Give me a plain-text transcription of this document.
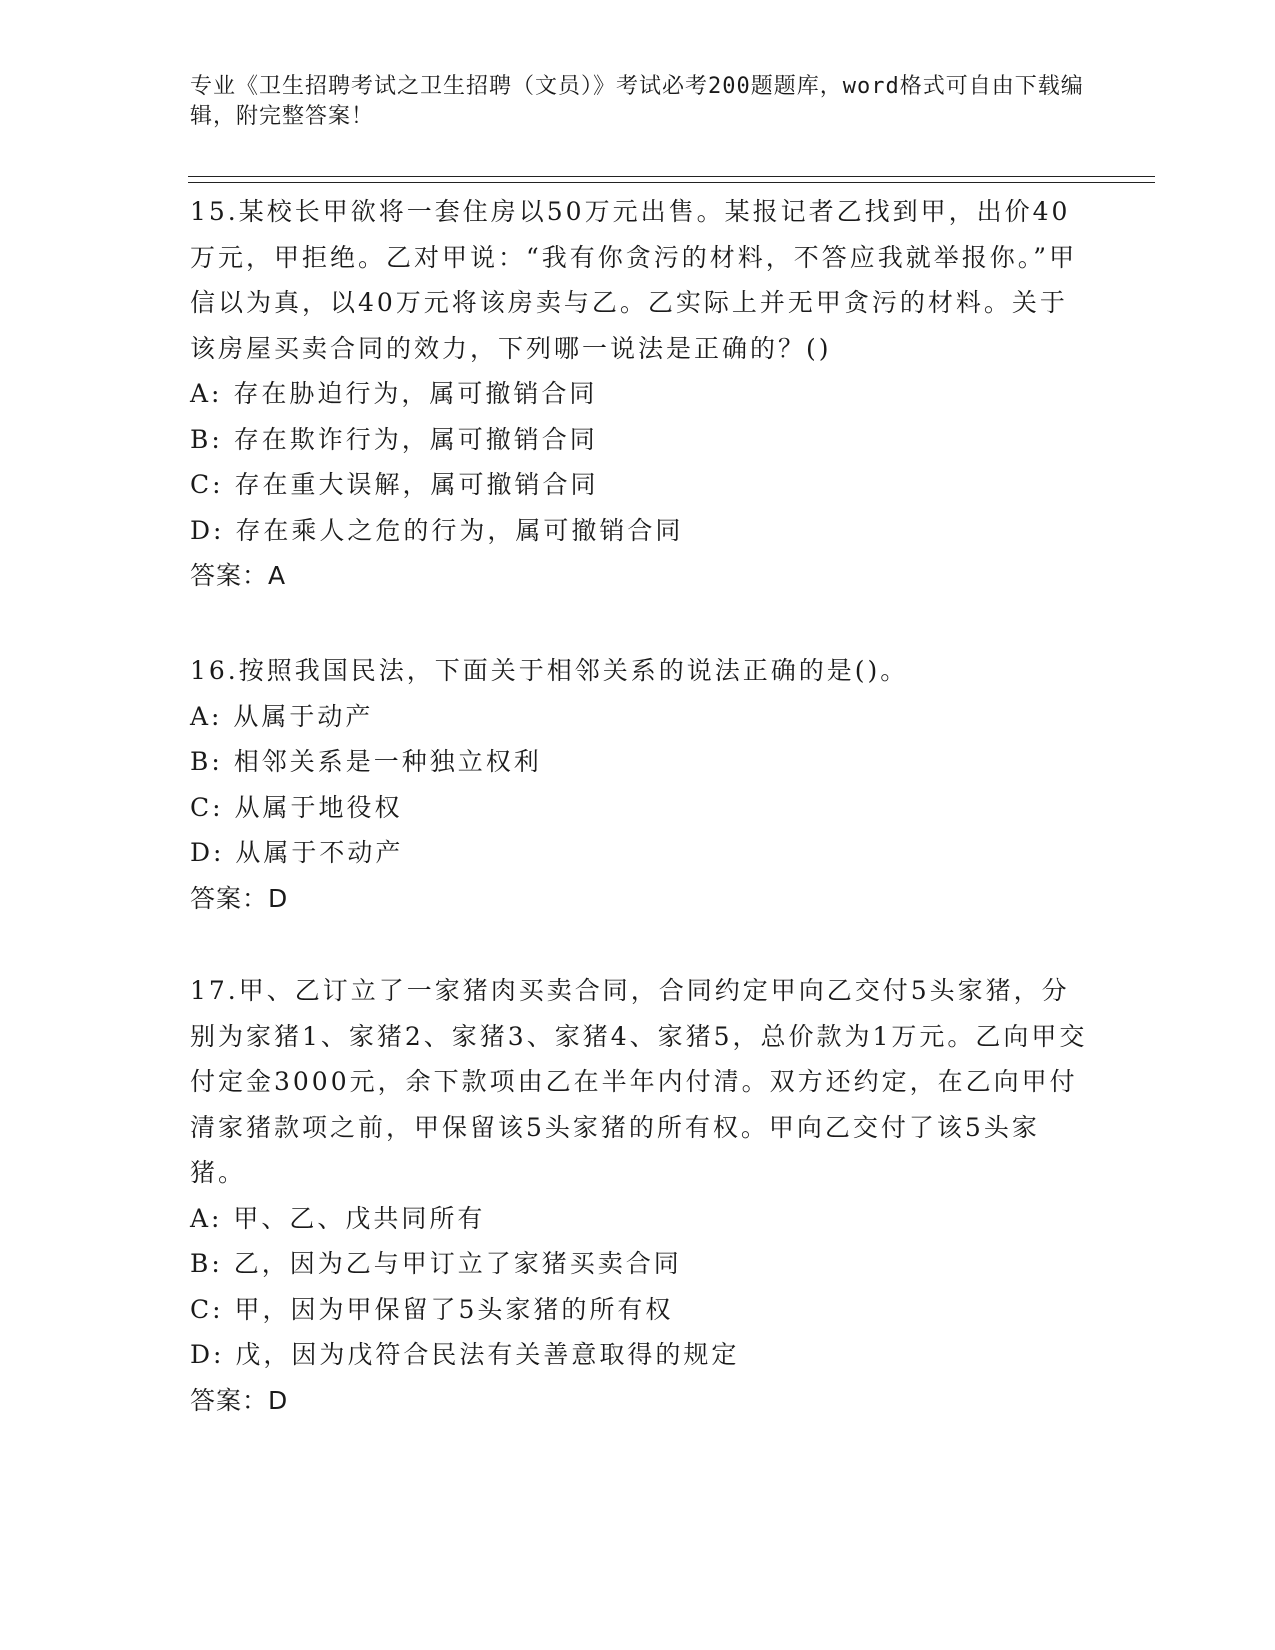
专业《卫生招聘考试之卫生招聘（文员）》考试必考200题题库，word格式可自由下载编辑，附完整答案！
15.某校长甲欲将一套住房以50万元出售。某报记者乙找到甲，出价40万元，甲拒绝。乙对甲说：“我有你贪污的材料，不答应我就举报你。”甲信以为真，以40万元将该房卖与乙。乙实际上并无甲贪污的材料。关于该房屋买卖合同的效力，下列哪一说法是正确的？()
A: 存在胁迫行为，属可撤销合同
B: 存在欺诈行为，属可撤销合同
C: 存在重大误解，属可撤销合同
D: 存在乘人之危的行为，属可撤销合同
答案：A
16.按照我国民法，下面关于相邻关系的说法正确的是()。
A: 从属于动产
B: 相邻关系是一种独立权利
C: 从属于地役权
D: 从属于不动产
答案：D
17.甲、乙订立了一家猪肉买卖合同，合同约定甲向乙交付5头家猪，分别为家猪1、家猪2、家猪3、家猪4、家猪5，总价款为1万元。乙向甲交付定金3000元，余下款项由乙在半年内付清。双方还约定，在乙向甲付清家猪款项之前，甲保留该5头家猪的所有权。甲向乙交付了该5头家猪。
A: 甲、乙、戊共同所有
B: 乙，因为乙与甲订立了家猪买卖合同
C: 甲，因为甲保留了5头家猪的所有权
D: 戊，因为戊符合民法有关善意取得的规定
答案：D
